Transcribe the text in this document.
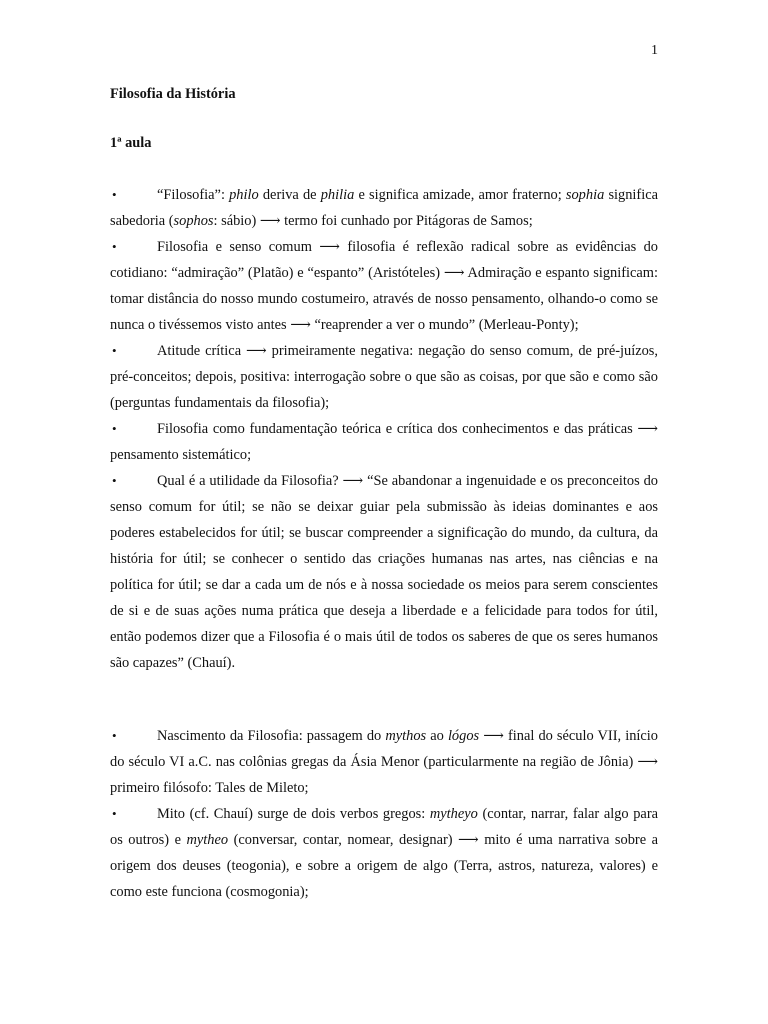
1
Filosofia da História
1ª aula

•	“Filosofia”: philo deriva de philia e significa amizade, amor fraterno; sophia significa sabedoria (sophos: sábio) ⟶ termo foi cunhado por Pitágoras de Samos;

•	Filosofia e senso comum ⟶ filosofia é reflexão radical sobre as evidências do cotidiano: “admiração” (Platão) e “espanto” (Aristóteles) ⟶ Admiração e espanto significam: tomar distância do nosso mundo costumeiro, através de nosso pensamento, olhando-o como se nunca o tivéssemos visto antes ⟶ “reaprender a ver o mundo” (Merleau-Ponty);

•	Atitude crítica ⟶ primeiramente negativa: negação do senso comum, de pré-juízos, pré-conceitos; depois, positiva: interrogação sobre o que são as coisas, por que são e como são (perguntas fundamentais da filosofia);

•	Filosofia como fundamentação teórica e crítica dos conhecimentos e das práticas ⟶ pensamento sistemático;

•	Qual é a utilidade da Filosofia? ⟶ “Se abandonar a ingenuidade e os preconceitos do senso comum for útil; se não se deixar guiar pela submissão às ideias dominantes e aos poderes estabelecidos for útil; se buscar compreender a significação do mundo, da cultura, da história for útil; se conhecer o sentido das criações humanas nas artes, nas ciências e na política for útil; se dar a cada um de nós e à nossa sociedade os meios para serem conscientes de si e de suas ações numa prática que deseja a liberdade e a felicidade para todos for útil, então podemos dizer que a Filosofia é o mais útil de todos os saberes de que os seres humanos são capazes” (Chauí).

•	Nascimento da Filosofia: passagem do mythos ao lógos ⟶ final do século VII, início do século VI a.C. nas colônias gregas da Ásia Menor (particularmente na região de Jônia) ⟶ primeiro filósofo: Tales de Mileto;

•	Mito (cf. Chauí) surge de dois verbos gregos: mytheyo (contar, narrar, falar algo para os outros) e mytheo (conversar, contar, nomear, designar) ⟶ mito é uma narrativa sobre a origem dos deuses (teogonia), e sobre a origem de algo (Terra, astros, natureza, valores) e como este funciona (cosmogonia);
